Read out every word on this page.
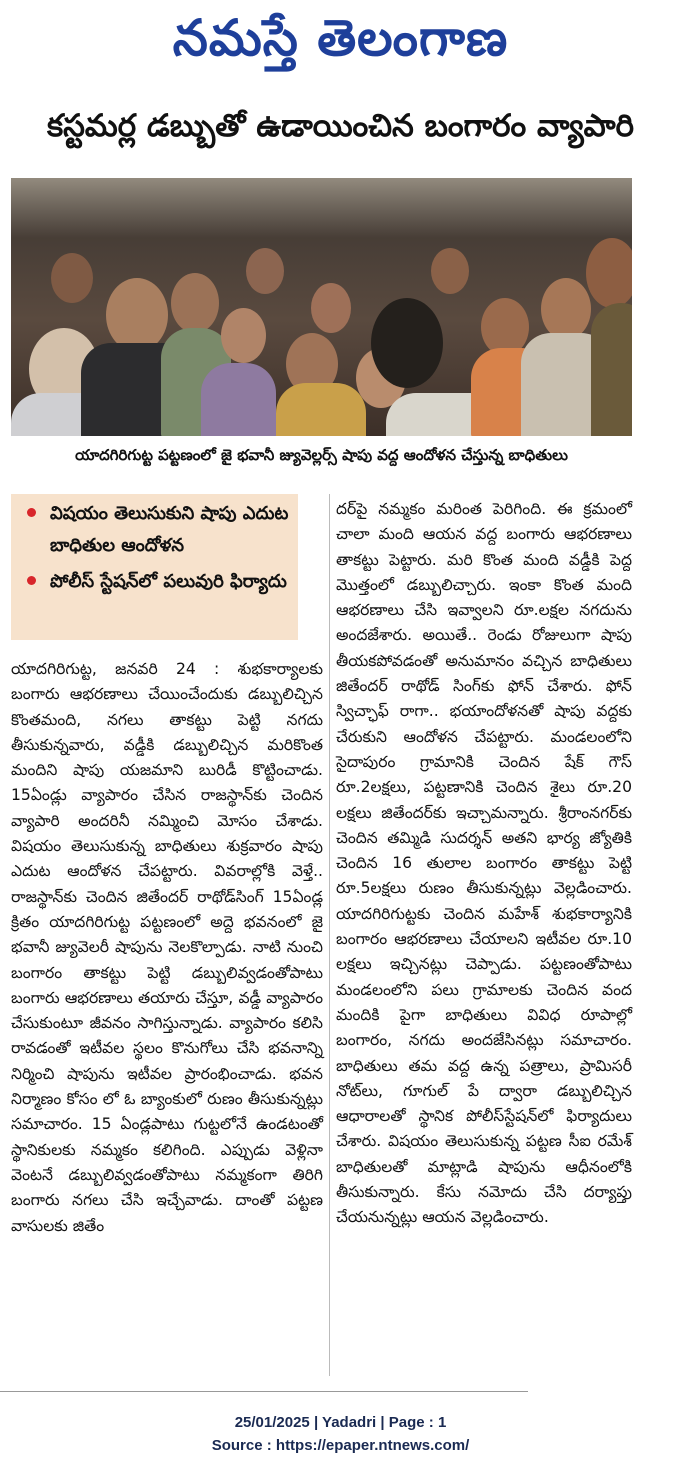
నమస్తే తెలంగాణ
కస్టమర్ల డబ్బుతో ఉడాయించిన బంగారం వ్యాపారి
యాదగిరిగుట్ట పట్టణంలో జై భవానీ జ్యువెల్లర్స్ షాపు వద్ద ఆందోళన చేస్తున్న బాధితులు
విషయం తెలుసుకుని షాపు ఎదుట బాధితుల ఆందోళన
పోలీస్ స్టేషన్‌లో పలువురి ఫిర్యాదు

యాదగిరిగుట్ట, జనవరి 24 : శుభకార్యాలకు బంగారు ఆభరణాలు చేయించేందుకు డబ్బులిచ్చిన కొంతమంది, నగలు తాకట్టు పెట్టి నగదు తీసుకున్నవారు, వడ్డీకి డబ్బులిచ్చిన మరికొంత మందిని షాపు యజమాని బురిడీ కొట్టించాడు. 15ఏండ్లు వ్యాపారం చేసిన రాజస్థాన్‌కు చెందిన వ్యాపారి అందరినీ నమ్మించి మోసం చేశాడు. విషయం తెలుసుకున్న బాధితులు శుక్రవారం షాపు ఎదుట ఆందోళన చేపట్టారు. వివరాల్లోకి వెళ్తే.. రాజస్థాన్‌కు చెందిన జితేందర్ రాథోడ్‌సింగ్ 15ఏండ్ల క్రితం యాదగిరిగుట్ట పట్టణంలో అద్దె భవనంలో జై భవానీ జ్యువెలరీ షాపును నెలకొల్పాడు. నాటి నుంచి బంగారం తాకట్టు పెట్టి డబ్బులివ్వడంతోపాటు బంగారు ఆభరణాలు తయారు చేస్తూ, వడ్డీ వ్యాపారం చేసుకుంటూ జీవనం సాగిస్తున్నాడు. వ్యాపారం కలిసి రావడంతో ఇటీవల స్థలం కొనుగోలు చేసి భవనాన్ని నిర్మించి షాపును ఇటీవల ప్రారంభించాడు. భవన నిర్మాణం కోసం లో ఓ బ్యాంకులో రుణం తీసుకున్నట్లు సమాచారం. 15 ఏండ్లపాటు గుట్టలోనే ఉండటంతో స్థానికులకు నమ్మకం కలిగింది. ఎప్పుడు వెళ్లినా వెంటనే డబ్బులివ్వడంతోపాటు నమ్మకంగా తిరిగి బంగారు నగలు చేసి ఇచ్చేవాడు. దాంతో పట్టణ వాసులకు జితేం

దర్‌పై నమ్మకం మరింత పెరిగింది. ఈ క్రమంలో చాలా మంది ఆయన వద్ద బంగారు ఆభరణాలు తాకట్టు పెట్టారు. మరి కొంత మంది వడ్డీకి పెద్ద మొత్తంలో డబ్బులిచ్చారు. ఇంకా కొంత మంది ఆభరణాలు చేసి ఇవ్వాలని రూ.లక్షల నగదును అందజేశారు. అయితే.. రెండు రోజులుగా షాపు తీయకపోవడంతో అనుమానం వచ్చిన బాధితులు జితేందర్ రాథోడ్ సింగ్‌కు ఫోన్ చేశారు. ఫోన్ స్విచ్ఛాఫ్ రాగా.. భయాందోళనతో షాపు వద్దకు చేరుకుని ఆందోళన చేపట్టారు. మండలంలోని సైదాపురం గ్రామానికి చెందిన షేక్ గౌస్ రూ.2లక్షలు, పట్టణానికి చెందిన శైలు రూ.20 లక్షలు జితేందర్‌కు ఇచ్చామన్నారు. శ్రీరాంనగర్‌కు చెందిన తమ్మిడి సుదర్శన్ అతని భార్య జ్యోతికి చెందిన 16 తులాల బంగారం తాకట్టు పెట్టి రూ.5లక్షలు రుణం తీసుకున్నట్లు వెల్లడించారు. యాదగిరిగుట్టకు చెందిన మహేశ్ శుభకార్యానికి బంగారం ఆభరణాలు చేయాలని ఇటీవల రూ.10 లక్షలు ఇచ్చినట్లు చెప్పాడు. పట్టణంతోపాటు మండలంలోని పలు గ్రామాలకు చెందిన వంద మందికి పైగా బాధితులు వివిధ రూపాల్లో బంగారం, నగదు అందజేసినట్లు సమాచారం. బాధితులు తమ వద్ద ఉన్న పత్రాలు, ప్రామిసరీ నోట్‌లు, గూగుల్ పే ద్వారా డబ్బులిచ్చిన ఆధారాలతో స్థానిక పోలీస్‌స్టేషన్‌లో ఫిర్యాదులు చేశారు. విషయం తెలుసుకున్న పట్టణ సీఐ రమేశ్ బాధితులతో మాట్లాడి షాపును ఆధీనంలోకి తీసుకున్నారు. కేసు నమోదు చేసి దర్యాప్తు చేయనున్నట్లు ఆయన వెల్లడించారు.

25/01/2025 | Yadadri | Page : 1
Source : https://epaper.ntnews.com/
